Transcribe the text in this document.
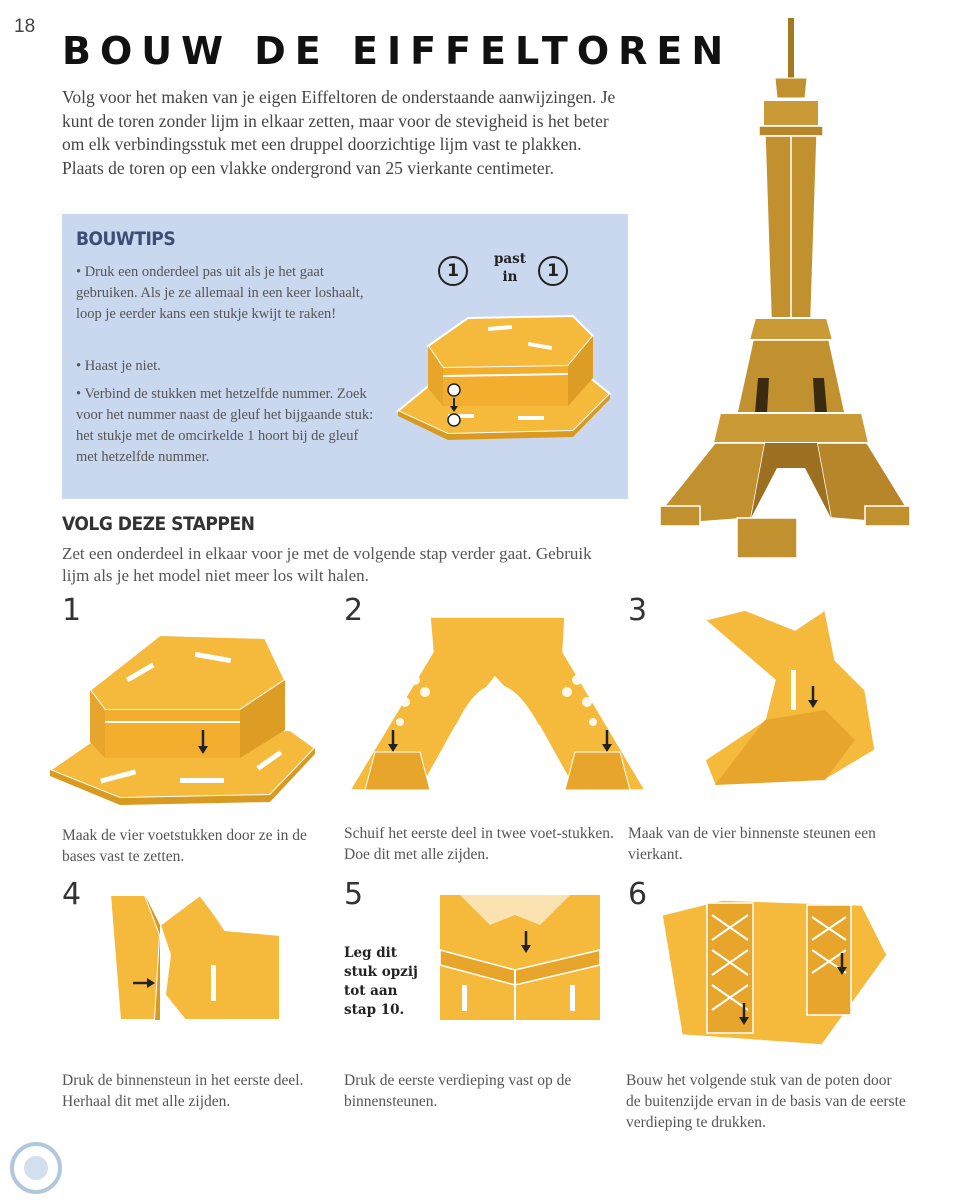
18
BOUW DE EIFFELTOREN

Volg voor het maken van je eigen Eiffeltoren de onderstaande aanwijzingen. Je kunt de toren zonder lijm in elkaar zetten, maar voor de stevigheid is het beter om elk verbindingsstuk met een druppel doorzichtige lijm vast te plakken. Plaats de toren op een vlakke ondergrond van 25 vierkante centimeter.

BOUWTIPS

• Druk een onderdeel pas uit als je het gaat gebruiken. Als je ze allemaal in een keer loshaalt, loop je eerder kans een stukje kwijt te raken!

• Haast je niet.

• Verbind de stukken met hetzelfde nummer. Zoek voor het nummer naast de gleuf het bijgaande stuk: het stukje met de omcirkelde 1 hoort bij de gleuf met hetzelfde nummer.

1
past in	1
VOLG DEZE STAPPEN

Zet een onderdeel in elkaar voor je met de volgende stap verder gaat. Gebruik lijm als je het model niet meer los wilt halen.

1	2	3
4	5	6
Leg dit stuk opzij tot aan stap 10.

Maak de vier voetstukken door ze in de bases vast te zetten.

Schuif het eerste deel in twee voet-stukken. Doe dit met alle zijden.

Maak van de vier binnenste steunen een vierkant.

Druk de binnensteun in het eerste deel. Herhaal dit met alle zijden.

Druk de eerste verdieping vast op de binnensteunen.

Bouw het volgende stuk van de poten door de buitenzijde ervan in de basis van de eerste verdieping te drukken.
